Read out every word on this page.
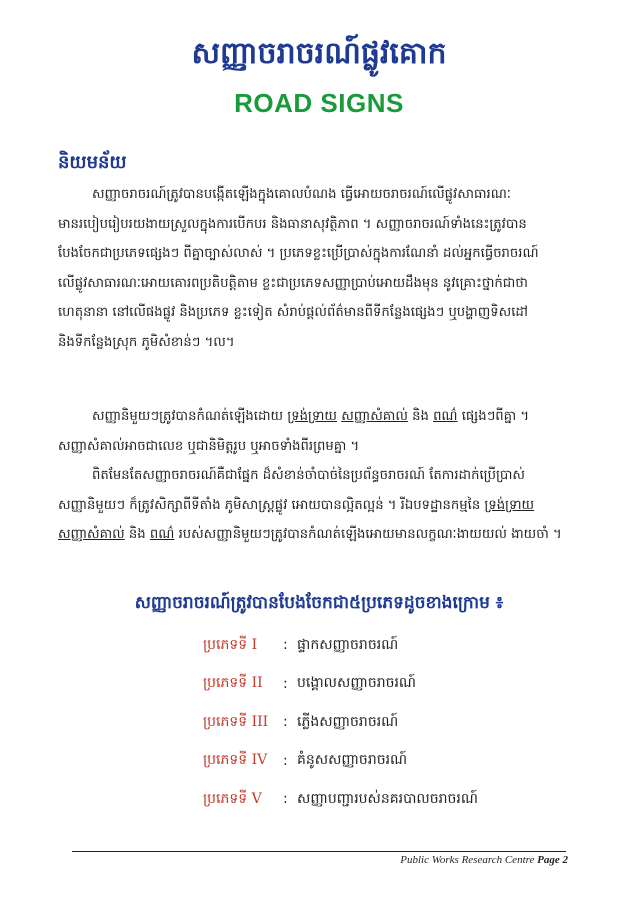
សញ្ញាចរាចរណ៍ផ្លូវគោក
ROAD SIGNS
និយមន័យ
សញ្ញាចរាចរណ៍ត្រូវបានបង្កើតឡើងក្នុងគោលបំណង ធ្វើអោយចរាចរណ៍លើផ្លូវសាធារណៈ
មានរបៀបរៀបរយងាយស្រួលក្នុងការបើកបរ និងធានាសុវត្ថិភាព ។ សញ្ញាចរាចរណ៍ទាំងនេះត្រូវបាន
បែងចែកជាប្រភេទផ្សេងៗ ពីគ្នាច្បាស់លាស់ ។ ប្រភេទខ្លះប្រើប្រាស់ក្នុងការណែនាំ ដល់អ្នកធ្វើចរាចរណ៍
លើផ្លូវសាធារណៈអោយគោរពប្រតិបត្តិតាម ខ្លះជាប្រភេទសញ្ញាប្រាប់អោយដឹងមុន នូវគ្រោះថ្នាក់ជាថា
ហេតុនានា នៅលើផងផ្លូវ និងប្រភេទ ខ្លះទៀត សំរាប់ផ្តល់ព័ត៌មានពីទីកន្លែងផ្សេងៗ ឬបង្ហាញទិសដៅ
និងទីកន្លែងស្រុក ភូមិសំខាន់ៗ ។ល។
សញ្ញានិមួយៗត្រូវបានកំណត់ឡើងដោយ ទ្រង់ទ្រាយ សញ្ញាសំគាល់ និង ពណ៌ ផ្សេងៗពីគ្នា ។
សញ្ញាសំគាល់អាចជាលេខ ឬជានិមិត្តរូប ឬអាចទាំងពីរព្រមគ្នា ។
ពិតមែនតែសញ្ញាចរាចរណ៍គឺជាផ្នែក ដ៏សំខាន់ចាំបាច់នៃប្រព័ន្ធចរាចរណ៍ តែការដាក់ប្រើប្រាស់
សញ្ញានិមួយៗ ក៏ត្រូវសិក្សាពីទីតាំង ភូមិសាស្ត្រផ្លូវ អោយបានល្អិតល្អន់ ។ រីឯបទដ្ឋានកម្មនៃ ទ្រង់ទ្រាយ
សញ្ញាសំគាល់ និង ពណ៌ របស់សញ្ញានិមួយៗត្រូវបានកំណត់ឡើងអោយមានលក្ខណៈងាយយល់ ងាយចាំ ។
សញ្ញាចរាចរណ៍ត្រូវបានបែងចែកជា៥ប្រភេទដូចខាងក្រោម ៖
ប្រភេទទី I	: ផ្ទាកសញ្ញាចរាចរណ៍
ប្រភេទទី II	: បង្គោលសញ្ញាចរាចរណ៍
ប្រភេទទី III	: ភ្លើងសញ្ញាចរាចរណ៍
ប្រភេទទី IV	: គំនូសសញ្ញាចរាចរណ៍
ប្រភេទទី V	: សញ្ញាបញ្ជារបស់នគរបាលចរាចរណ៍
Public Works Research Centre Page 2
